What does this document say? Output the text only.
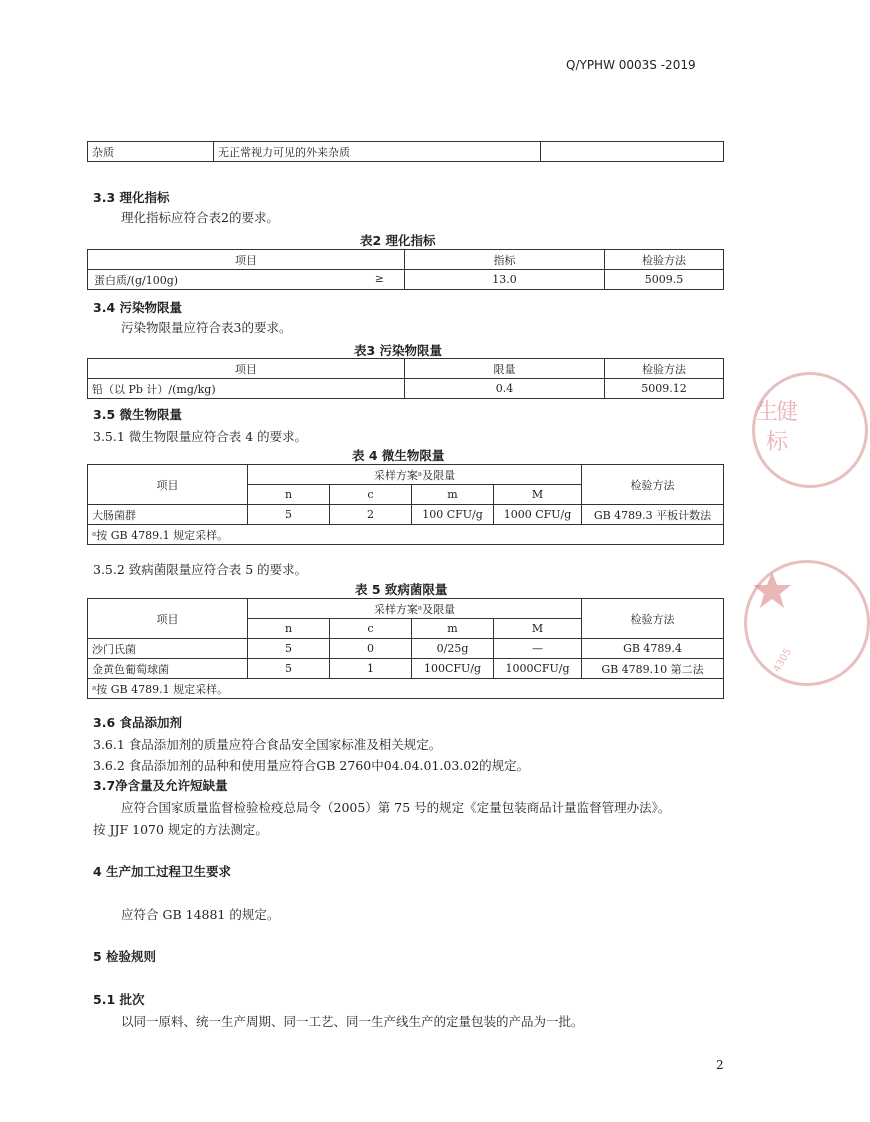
Q/YPHW 0003S -2019
杂质	无正常视力可见的外来杂质	
3.3 理化指标
理化指标应符合表2的要求。
表2 理化指标
项目	指标	检验方法
蛋白质/(g/100g) ≥	13.0	5009.5
3.4 污染物限量
污染物限量应符合表3的要求。
表3 污染物限量
项目	限量	检验方法
铅（以 Pb 计）/(mg/kg)	0.4	5009.12
3.5 微生物限量
3.5.1 微生物限量应符合表 4 的要求。
表 4 微生物限量
项目	采样方案ᵃ及限量				检验方法
	n	c	m	M	
大肠菌群	5	2	100 CFU/g	1000 CFU/g	GB 4789.3 平板计数法
ᵃ按 GB 4789.1 规定采样。					
3.5.2 致病菌限量应符合表 5 的要求。
表 5 致病菌限量
项目	采样方案ᵃ及限量				检验方法
	n	c	m	M	
沙门氏菌	5	0	0/25g	—	GB 4789.4
金黄色葡萄球菌	5	1	100CFU/g	1000CFU/g	GB 4789.10 第二法
ᵃ按 GB 4789.1 规定采样。					
3.6 食品添加剂
3.6.1 食品添加剂的质量应符合食品安全国家标准及相关规定。
3.6.2 食品添加剂的品种和使用量应符合GB 2760中04.04.01.03.02的规定。
3.7净含量及允许短缺量
应符合国家质量监督检验检疫总局令（2005）第 75 号的规定《定量包装商品计量监督管理办法》。
按 JJF 1070 规定的方法测定。
4 生产加工过程卫生要求
应符合 GB 14881 的规定。
5 检验规则
5.1 批次
以同一原料、统一生产周期、同一工艺、同一生产线生产的定量包装的产品为一批。
2
生
健
标
4305
